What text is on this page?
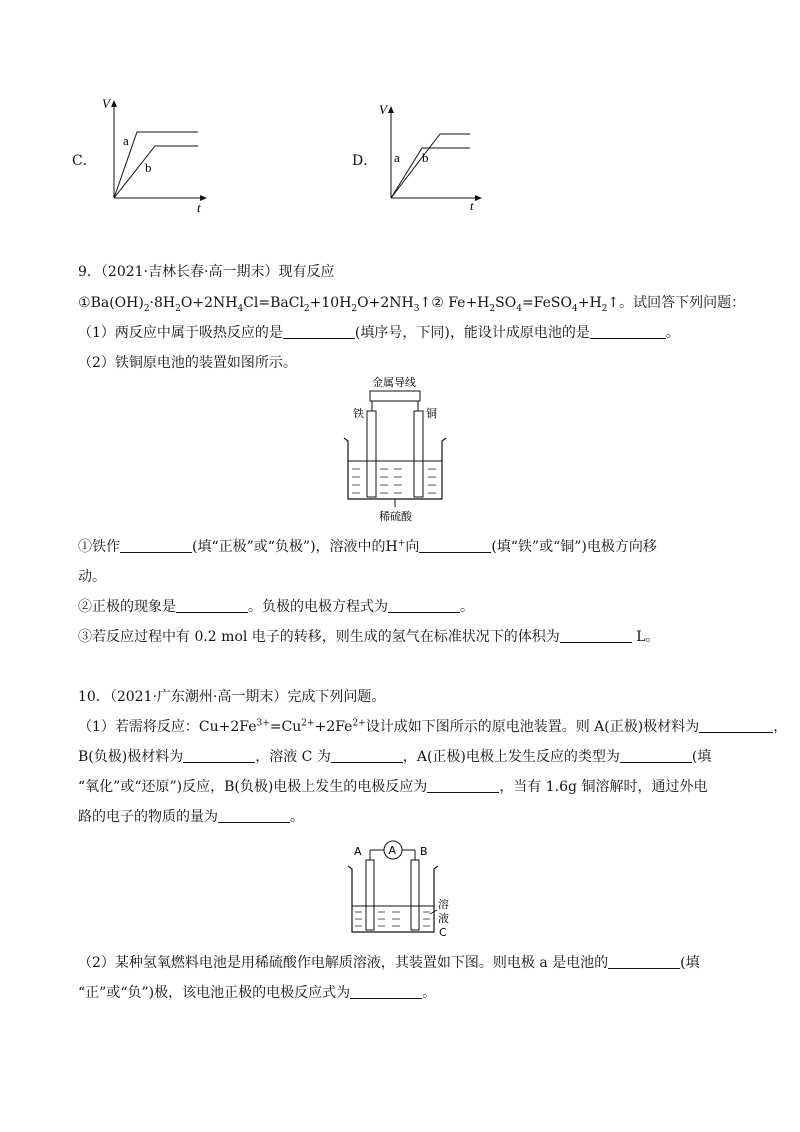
C．
V
t
a
b	D．
V
t
a b
9．（2021·吉林长春·高一期末）现有反应
$①Ba(OH)_2\cdot 8H_2O+2NH_4Cl=BaCl_2+10H_2O+2NH_3↑②$ $Fe+H_2SO_4=FeSO_4+H_2↑$。试回答下列问题：
（1）两反应中属于吸热反应的是	(填序号，下同)，能设计成原电池的是	。
（2）铁铜原电池的装置如图所示。
金属导线
铁	铜
稀硫酸
①铁作	(填“正极”或“负极”)，溶液中的H+向	(填“铁”或“铜”)电极方向移
动。
②正极的现象是	。负极的电极方程式为	。
③若反应过程中有 0.2 mol 电子的转移，则生成的氢气在标准状况下的体积为	L。
10．（2021·广东潮州·高一期末）完成下列问题。
（1）若需将反应：$Cu+2Fe^{3+}=Cu^{2+}+2Fe^{2+}$设计成如下图所示的原电池装置。则 A(正极)极材料为	，
B(负极)极材料为	，溶液 C 为	，A(正极)电极上发生反应的类型为	(填
“氧化”或“还原”)反应，B(负极)电极上发生的电极反应为	，当有 1.6g 铜溶解时，通过外电
路的电子的物质的量为	。
A
A	B
溶
液
C
（2）某种氢氧燃料电池是用稀硫酸作电解质溶液，其装置如下图。则电极 a 是电池的	(填
“正”或“负”)极，该电池正极的电极反应式为	。
